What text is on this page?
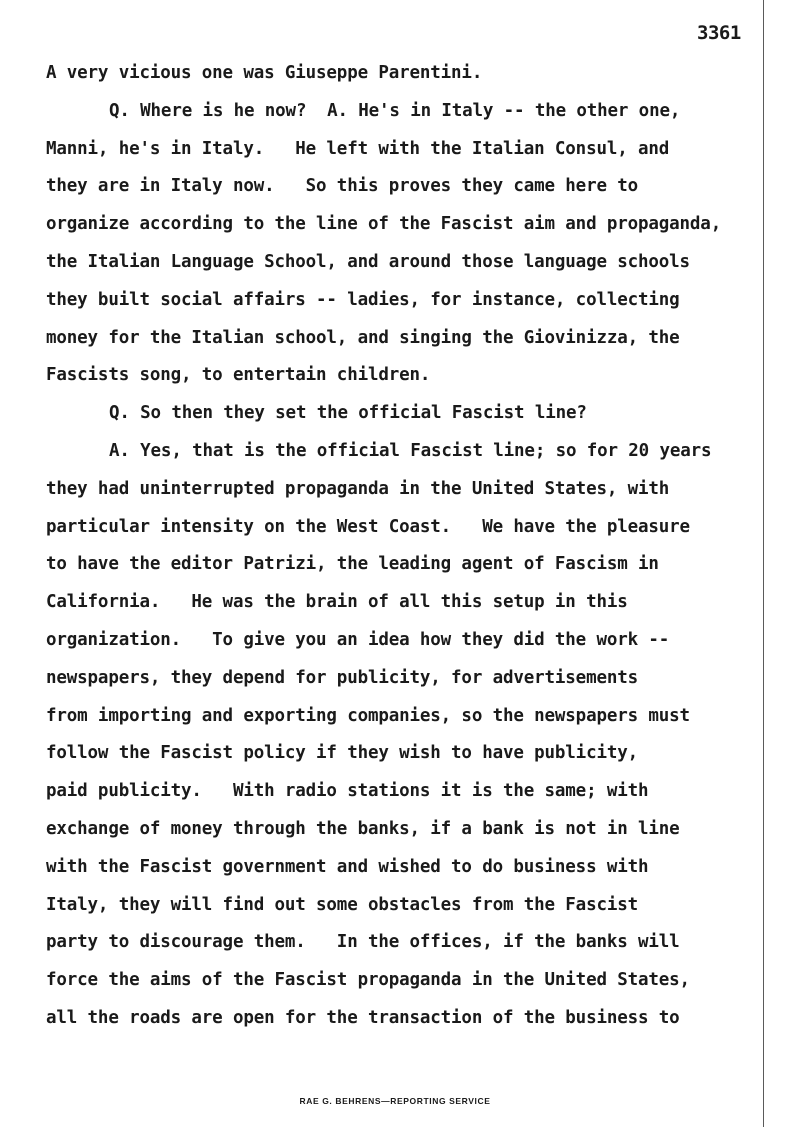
3361
A very vicious one was Giuseppe Parentini.
Q. Where is he now?  A. He's in Italy -- the other one,
Manni, he's in Italy.   He left with the Italian Consul, and
they are in Italy now.   So this proves they came here to
organize according to the line of the Fascist aim and propaganda,
the Italian Language School, and around those language schools
they built social affairs -- ladies, for instance, collecting
money for the Italian school, and singing the Giovinizza, the
Fascists song, to entertain children.
Q. So then they set the official Fascist line?
A. Yes, that is the official Fascist line; so for 20 years
they had uninterrupted propaganda in the United States, with
particular intensity on the West Coast.   We have the pleasure
to have the editor Patrizi, the leading agent of Fascism in
California.   He was the brain of all this setup in this
organization.   To give you an idea how they did the work --
newspapers, they depend for publicity, for advertisements
from importing and exporting companies, so the newspapers must
follow the Fascist policy if they wish to have publicity,
paid publicity.   With radio stations it is the same; with
exchange of money through the banks, if a bank is not in line
with the Fascist government and wished to do business with
Italy, they will find out some obstacles from the Fascist
party to discourage them.   In the offices, if the banks will
force the aims of the Fascist propaganda in the United States,
all the roads are open for the transaction of the business to
RAE G. BEHRENS—REPORTING SERVICE
